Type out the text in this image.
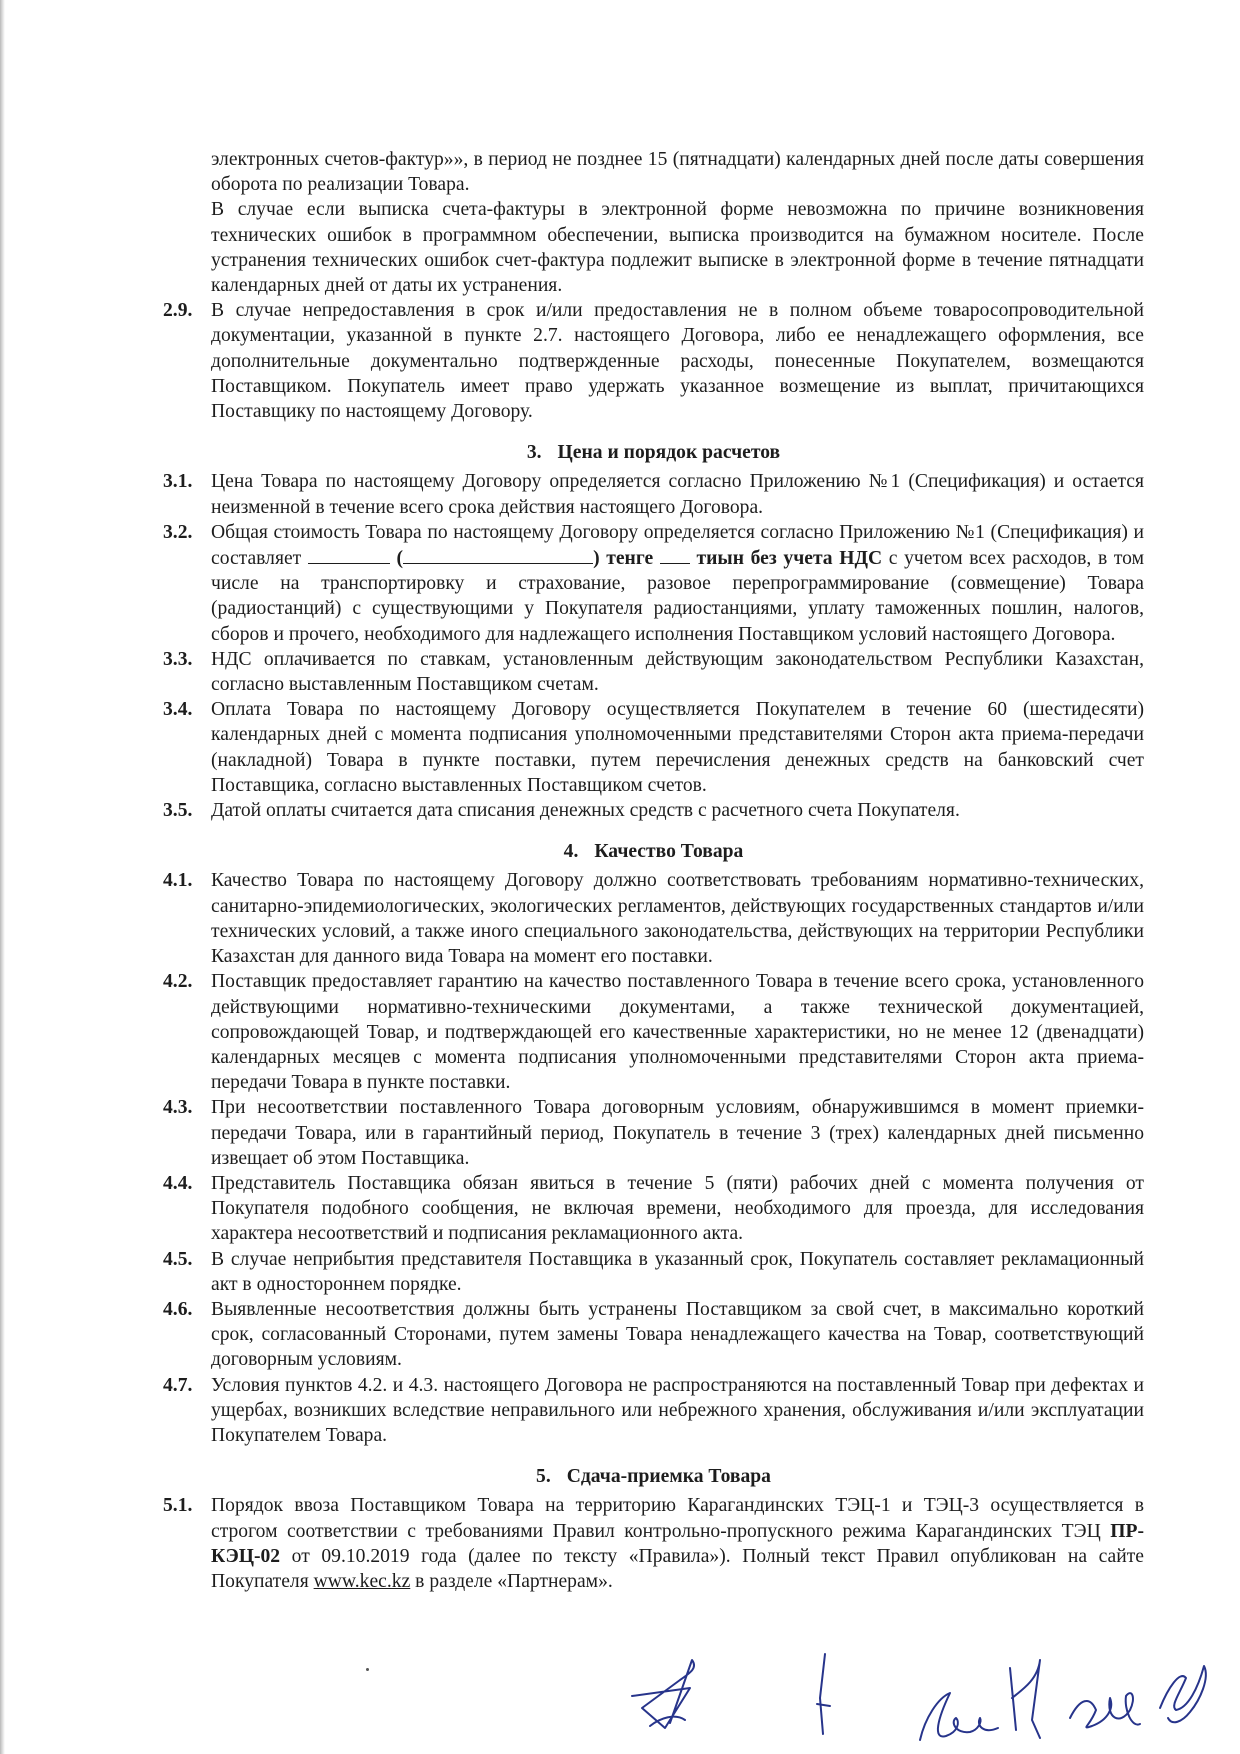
электронных счетов-фактур»», в период не позднее 15 (пятнадцати) календарных дней после даты совершения оборота по реализации Товара.

В случае если выписка счета-фактуры в электронной форме невозможна по причине возникновения технических ошибок в программном обеспечении, выписка производится на бумажном носителе. После устранения технических ошибок счет-фактура подлежит выписке в электронной форме в течение пятнадцати календарных дней от даты их устранения.

2.9. В случае непредоставления в срок и/или предоставления не в полном объеме товаросопроводительной документации, указанной в пункте 2.7. настоящего Договора, либо ее ненадлежащего оформления, все дополнительные документально подтвержденные расходы, понесенные Покупателем, возмещаются Поставщиком. Покупатель имеет право удержать указанное возмещение из выплат, причитающихся Поставщику по настоящему Договору.
3. Цена и порядок расчетов
3.1. Цена Товара по настоящему Договору определяется согласно Приложению №1 (Спецификация) и остается неизменной в течение всего срока действия настоящего Договора.
3.2. Общая стоимость Товара по настоящему Договору определяется согласно Приложению №1 (Спецификация) и составляет	(	) тенге  тиын без учета НДС с учетом всех расходов, в том числе на транспортировку и страхование, разовое перепрограммирование (совмещение) Товара (радиостанций) с существующими у Покупателя радиостанциями, уплату таможенных пошлин, налогов, сборов и прочего, необходимого для надлежащего исполнения Поставщиком условий настоящего Договора.
3.3. НДС оплачивается по ставкам, установленным действующим законодательством Республики Казахстан, согласно выставленным Поставщиком счетам.
3.4. Оплата Товара по настоящему Договору осуществляется Покупателем в течение 60 (шестидесяти) календарных дней с момента подписания уполномоченными представителями Сторон акта приема-передачи (накладной) Товара в пункте поставки, путем перечисления денежных средств на банковский счет Поставщика, согласно выставленных Поставщиком счетов.
3.5. Датой оплаты считается дата списания денежных средств с расчетного счета Покупателя.
4. Качество Товара
4.1. Качество Товара по настоящему Договору должно соответствовать требованиям нормативно-технических, санитарно-эпидемиологических, экологических регламентов, действующих государственных стандартов и/или технических условий, а также иного специального законодательства, действующих на территории Республики Казахстан для данного вида Товара на момент его поставки.
4.2. Поставщик предоставляет гарантию на качество поставленного Товара в течение всего срока, установленного действующими нормативно-техническими документами, а также технической документацией, сопровождающей Товар, и подтверждающей его качественные характеристики, но не менее 12 (двенадцати) календарных месяцев с момента подписания уполномоченными представителями Сторон акта приема-передачи Товара в пункте поставки.
4.3. При несоответствии поставленного Товара договорным условиям, обнаружившимся в момент приемки-передачи Товара, или в гарантийный период, Покупатель в течение 3 (трех) календарных дней письменно извещает об этом Поставщика.
4.4. Представитель Поставщика обязан явиться в течение 5 (пяти) рабочих дней с момента получения от Покупателя подобного сообщения, не включая времени, необходимого для проезда, для исследования характера несоответствий и подписания рекламационного акта.
4.5. В случае неприбытия представителя Поставщика в указанный срок, Покупатель составляет рекламационный акт в одностороннем порядке.
4.6. Выявленные несоответствия должны быть устранены Поставщиком за свой счет, в максимально короткий срок, согласованный Сторонами, путем замены Товара ненадлежащего качества на Товар, соответствующий договорным условиям.
4.7. Условия пунктов 4.2. и 4.3. настоящего Договора не распространяются на поставленный Товар при дефектах и ущербах, возникших вследствие неправильного или небрежного хранения, обслуживания и/или эксплуатации Покупателем Товара.
5. Сдача-приемка Товара
5.1. Порядок ввоза Поставщиком Товара на территорию Карагандинских ТЭЦ-1 и ТЭЦ-3 осуществляется в строгом соответствии с требованиями Правил контрольно-пропускного режима Карагандинских ТЭЦ ПР-КЭЦ-02 от 09.10.2019 года (далее по тексту «Правила»). Полный текст Правил опубликован на сайте Покупателя www.kec.kz в разделе «Партнерам».
